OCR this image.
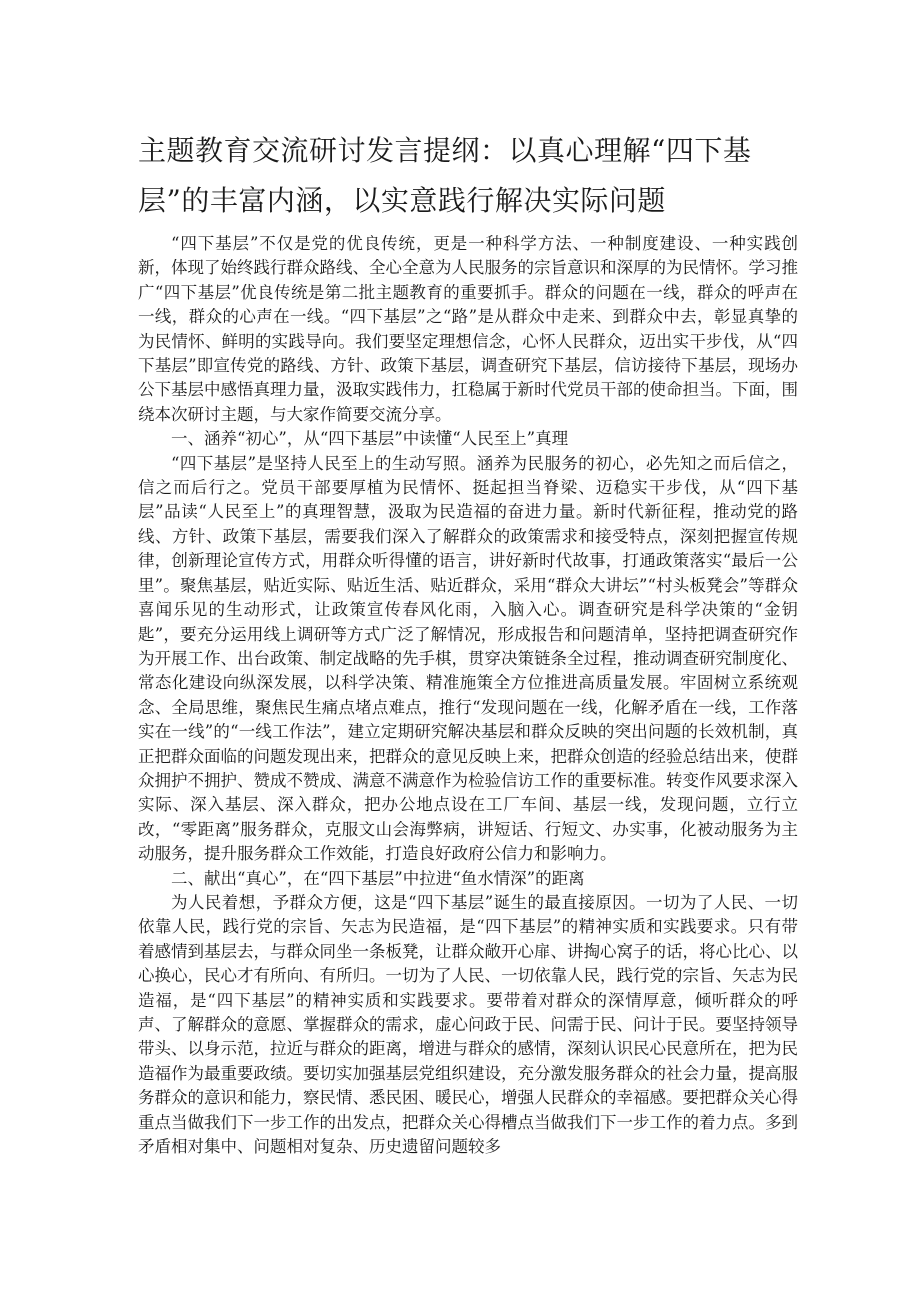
主题教育交流研讨发言提纲：以真心理解“四下基层”的丰富内涵，以实意践行解决实际问题

“四下基层”不仅是党的优良传统，更是一种科学方法、一种制度建设、一种实践创新，体现了始终践行群众路线、全心全意为人民服务的宗旨意识和深厚的为民情怀。学习推广“四下基层”优良传统是第二批主题教育的重要抓手。群众的问题在一线，群众的呼声在一线，群众的心声在一线。“四下基层”之“路”是从群众中走来、到群众中去，彰显真挚的为民情怀、鲜明的实践导向。我们要坚定理想信念，心怀人民群众，迈出实干步伐，从“四下基层”即宣传党的路线、方针、政策下基层，调查研究下基层，信访接待下基层，现场办公下基层中感悟真理力量，汲取实践伟力，扛稳属于新时代党员干部的使命担当。下面，围绕本次研讨主题，与大家作简要交流分享。

一、涵养“初心”，从“四下基层”中读懂“人民至上”真理

“四下基层”是坚持人民至上的生动写照。涵养为民服务的初心，必先知之而后信之，信之而后行之。党员干部要厚植为民情怀、挺起担当脊梁、迈稳实干步伐，从“四下基层”品读“人民至上”的真理智慧，汲取为民造福的奋进力量。新时代新征程，推动党的路线、方针、政策下基层，需要我们深入了解群众的政策需求和接受特点，深刻把握宣传规律，创新理论宣传方式，用群众听得懂的语言，讲好新时代故事，打通政策落实“最后一公里”。聚焦基层，贴近实际、贴近生活、贴近群众，采用“群众大讲坛”“村头板凳会”等群众喜闻乐见的生动形式，让政策宣传春风化雨，入脑入心。调查研究是科学决策的“金钥匙”，要充分运用线上调研等方式广泛了解情况，形成报告和问题清单，坚持把调查研究作为开展工作、出台政策、制定战略的先手棋，贯穿决策链条全过程，推动调查研究制度化、常态化建设向纵深发展，以科学决策、精准施策全方位推进高质量发展。牢固树立系统观念、全局思维，聚焦民生痛点堵点难点，推行“发现问题在一线，化解矛盾在一线，工作落实在一线”的“一线工作法”，建立定期研究解决基层和群众反映的突出问题的长效机制，真正把群众面临的问题发现出来，把群众的意见反映上来，把群众创造的经验总结出来，使群众拥护不拥护、赞成不赞成、满意不满意作为检验信访工作的重要标准。转变作风要求深入实际、深入基层、深入群众，把办公地点设在工厂车间、基层一线，发现问题，立行立改，“零距离”服务群众，克服文山会海弊病，讲短话、行短文、办实事，化被动服务为主动服务，提升服务群众工作效能，打造良好政府公信力和影响力。

二、献出“真心”，在“四下基层”中拉进“鱼水情深”的距离

为人民着想，予群众方便，这是“四下基层”诞生的最直接原因。一切为了人民、一切依靠人民，践行党的宗旨、矢志为民造福，是“四下基层”的精神实质和实践要求。只有带着感情到基层去，与群众同坐一条板凳，让群众敞开心扉、讲掏心窝子的话，将心比心、以心换心，民心才有所向、有所归。一切为了人民、一切依靠人民，践行党的宗旨、矢志为民造福，是“四下基层”的精神实质和实践要求。要带着对群众的深情厚意，倾听群众的呼声、了解群众的意愿、掌握群众的需求，虚心问政于民、问需于民、问计于民。要坚持领导带头、以身示范，拉近与群众的距离，增进与群众的感情，深刻认识民心民意所在，把为民造福作为最重要政绩。要切实加强基层党组织建设，充分激发服务群众的社会力量，提高服务群众的意识和能力，察民情、悉民困、暖民心，增强人民群众的幸福感。要把群众关心得重点当做我们下一步工作的出发点，把群众关心得槽点当做我们下一步工作的着力点。多到矛盾相对集中、问题相对复杂、历史遗留问题较多
